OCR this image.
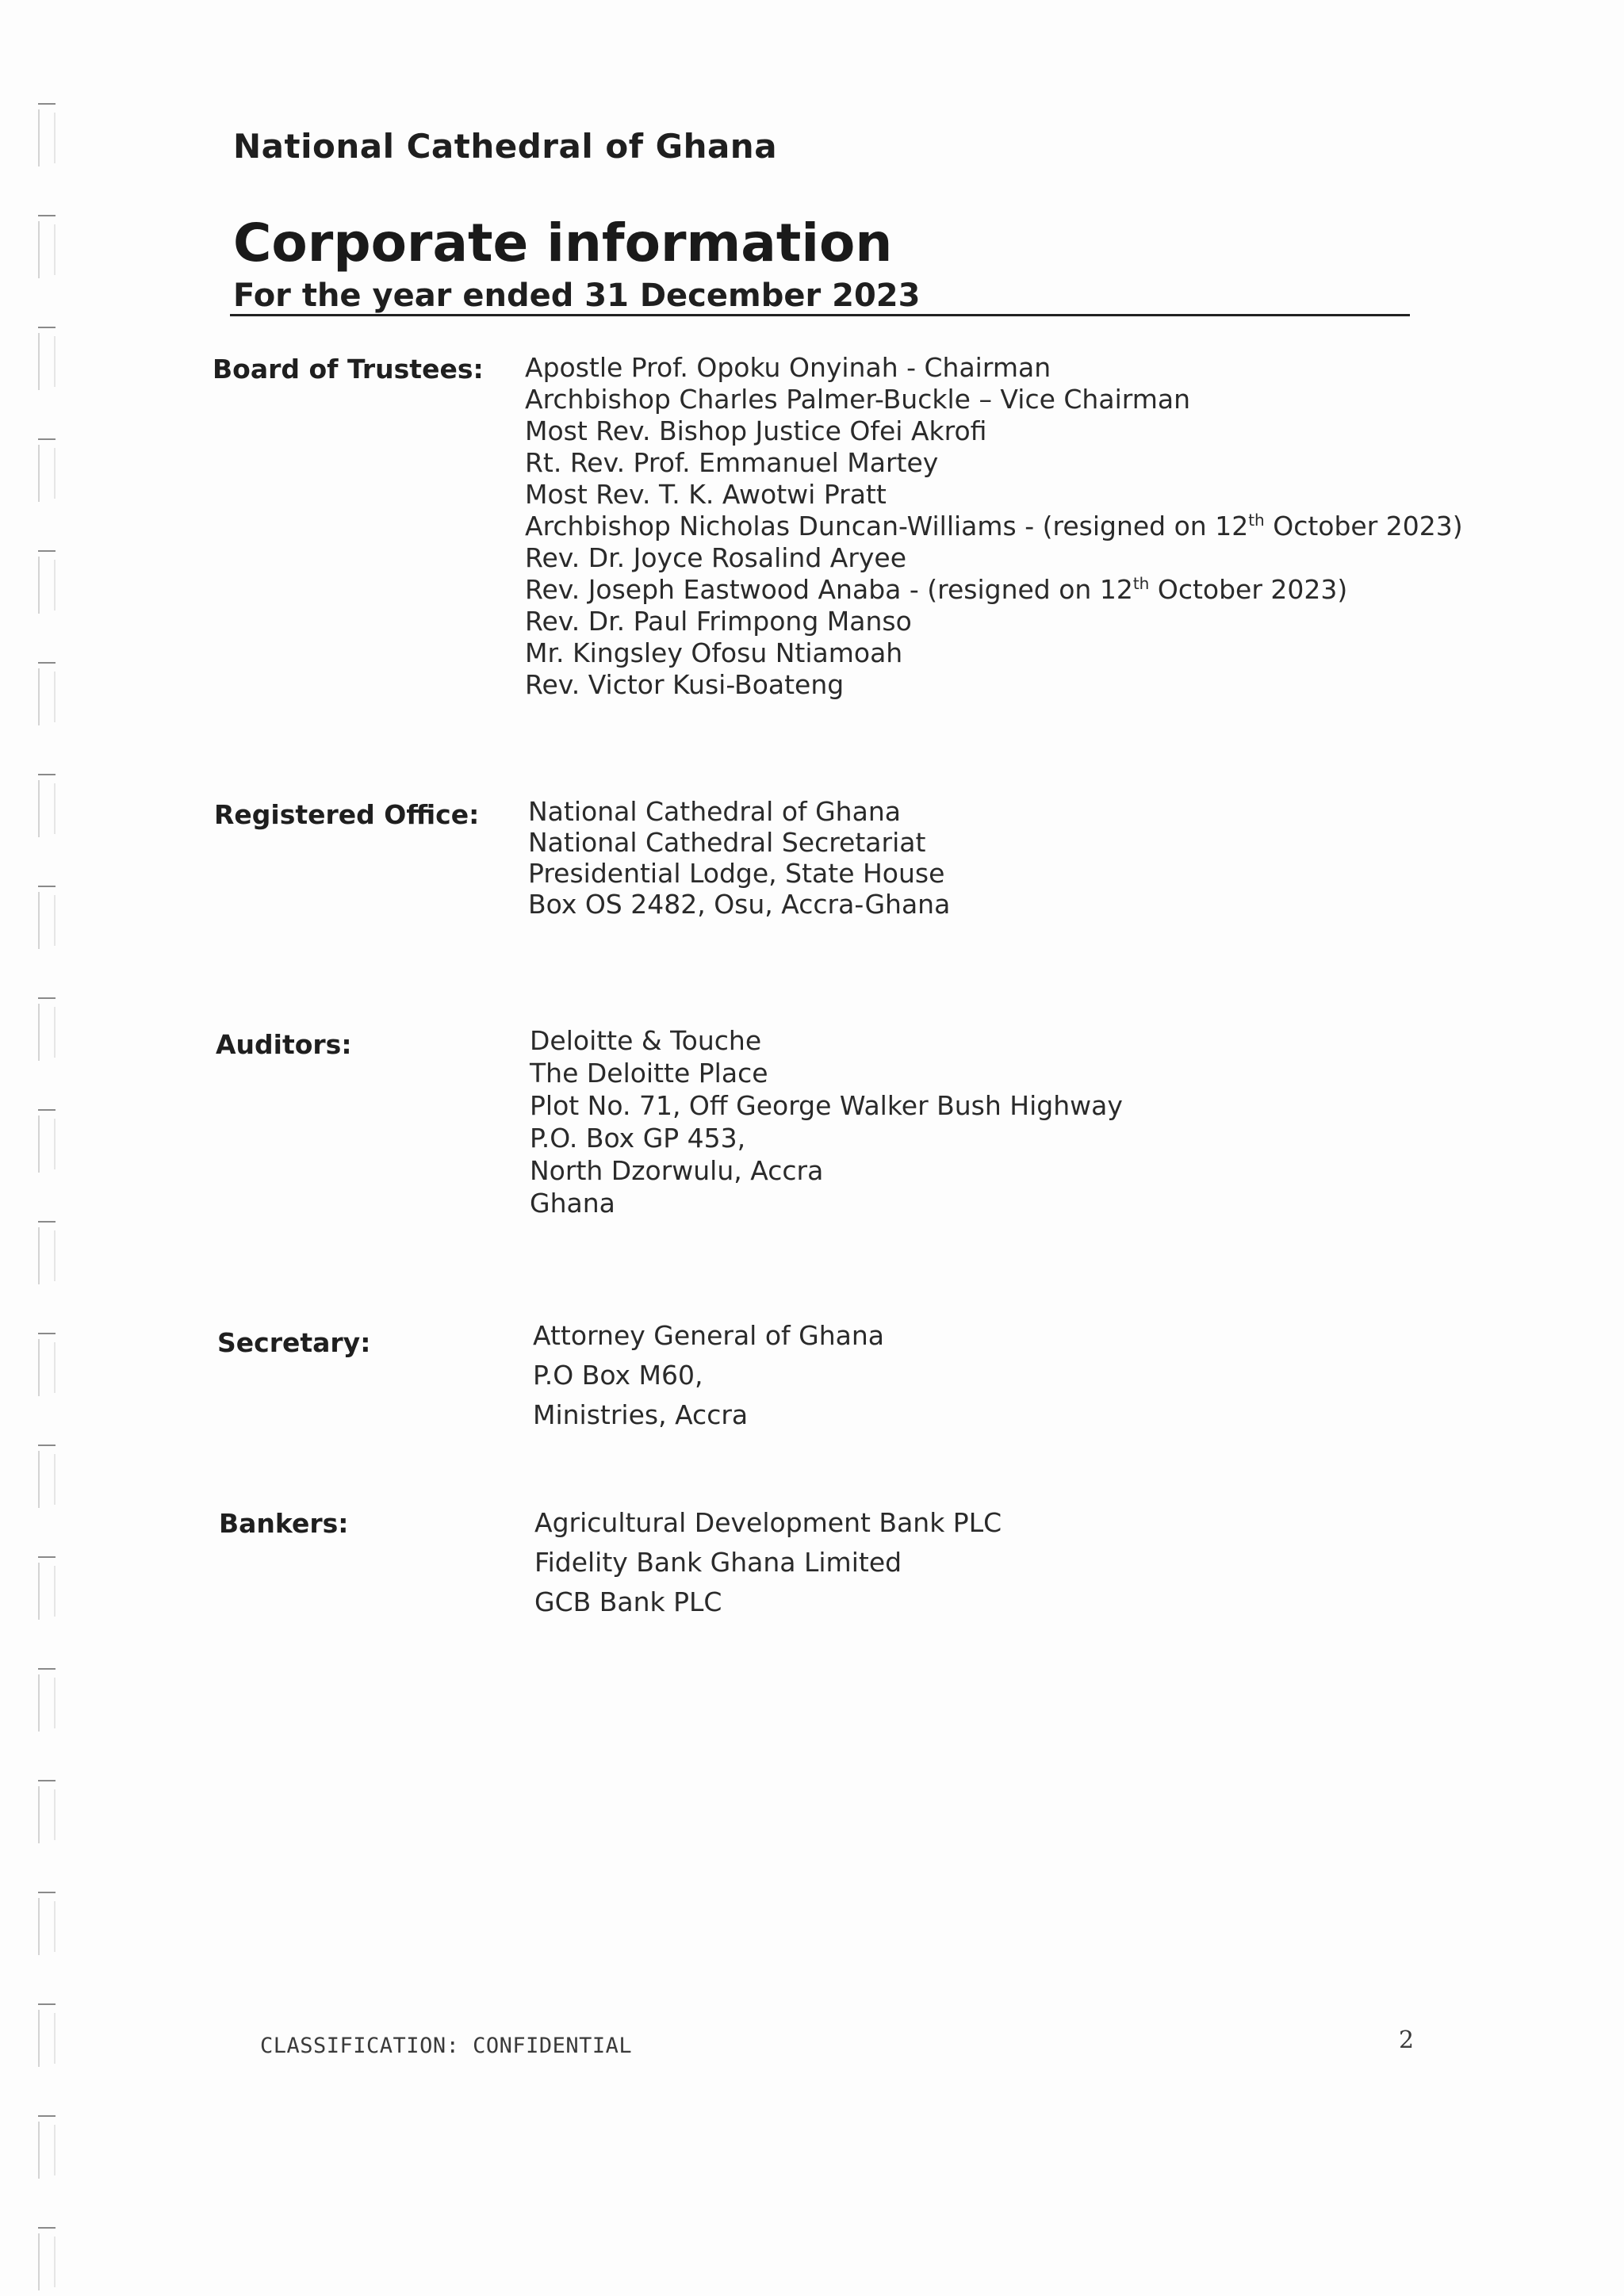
National Cathedral of Ghana
Corporate information
For the year ended 31 December 2023
Board of Trustees: Apostle Prof. Opoku Onyinah - Chairman
Archbishop Charles Palmer-Buckle – Vice Chairman
Most Rev. Bishop Justice Ofei Akrofi
Rt. Rev. Prof. Emmanuel Martey
Most Rev. T. K. Awotwi Pratt
Archbishop Nicholas Duncan-Williams - (resigned on 12th October 2023)
Rev. Dr. Joyce Rosalind Aryee
Rev. Joseph Eastwood Anaba - (resigned on 12th October 2023)
Rev. Dr. Paul Frimpong Manso
Mr. Kingsley Ofosu Ntiamoah
Rev. Victor Kusi-Boateng
Registered Office: National Cathedral of Ghana
National Cathedral Secretariat
Presidential Lodge, State House
Box OS 2482, Osu, Accra-Ghana
Auditors:	Deloitte & Touche
The Deloitte Place
Plot No. 71, Off George Walker Bush Highway
P.O. Box GP 453,
North Dzorwulu, Accra
Ghana
Secretary:	Attorney General of Ghana
P.O Box M60,
Ministries, Accra
Bankers:	Agricultural Development Bank PLC
Fidelity Bank Ghana Limited
GCB Bank PLC
CLASSIFICATION: CONFIDENTIAL	2
